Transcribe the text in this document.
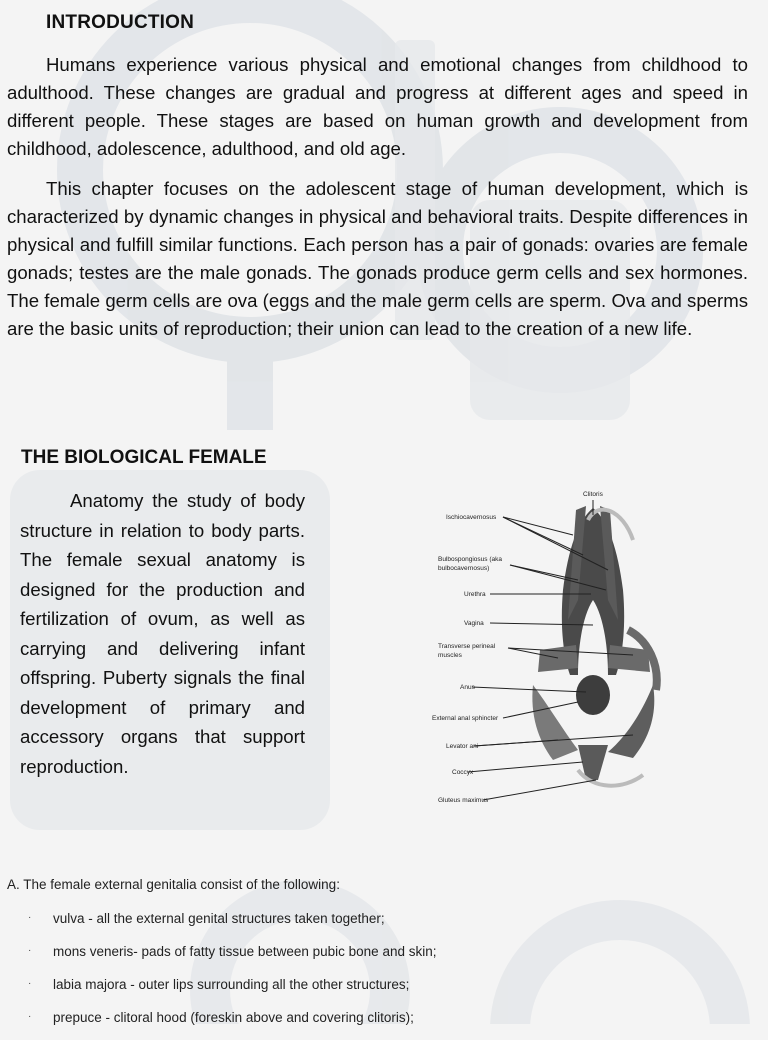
INTRODUCTION

Humans experience various physical and emotional changes from childhood to adulthood. These changes are gradual and progress at different ages and speed in different people. These stages are based on human growth and development from childhood, adolescence, adulthood, and old age.

This chapter focuses on the adolescent stage of human development, which is characterized by dynamic changes in physical and behavioral traits. Despite differences in physical and fulfill similar functions. Each person has a pair of gonads: ovaries are female gonads; testes are the male gonads. The gonads produce germ cells and sex hormones. The female germ cells are ova (eggs and the male germ cells are sperm. Ova and sperms are the basic units of reproduction; their union can lead to the creation of a new life.

THE BIOLOGICAL FEMALE

Anatomy the study of body structure in relation to body parts. The female sexual anatomy is designed for the production and fertilization of ovum, as well as carrying and delivering infant offspring. Puberty signals the final development of primary and accessory organs that support reproduction.

Clitoris
Ischiocavernosus
Bulbospongiosus (aka
bulbocavernosus)
Urethra
Vagina
Transverse perineal
muscles
Anus
External anal sphincter
Levator ani
Coccyx
Gluteus maximus

A. The female external genitalia consist of the following:

· vulva - all the external genital structures taken together;
· mons veneris- pads of fatty tissue between pubic bone and skin;
· labia majora - outer lips surrounding all the other structures;
· prepuce - clitoral hood (foreskin above and covering clitoris);
